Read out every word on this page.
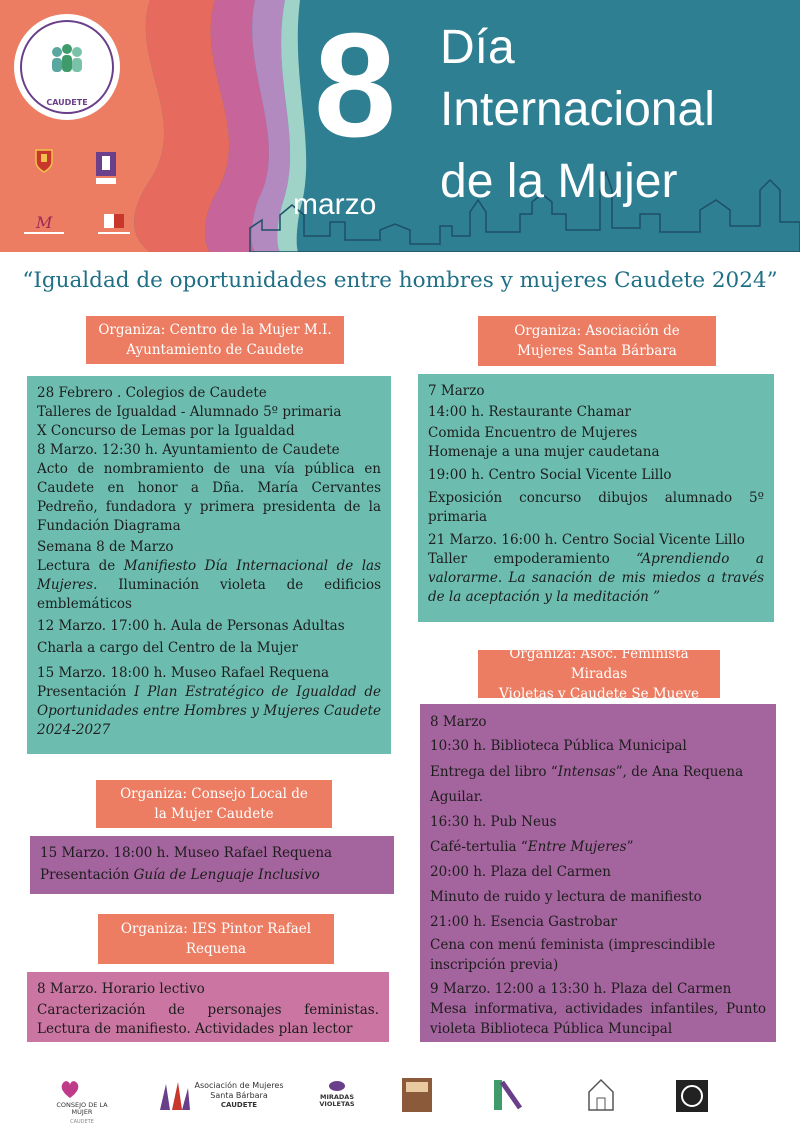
CAUDETE
M
8
marzo
Día
Internacional
de la Mujer
“Igualdad de oportunidades entre hombres y mujeres Caudete 2024”
Organiza: Centro de la Mujer M.I.
Ayuntamiento de Caudete
28 Febrero . Colegios de Caudete
Talleres de Igualdad - Alumnado 5º primaria
X Concurso de Lemas por la Igualdad
8 Marzo. 12:30 h. Ayuntamiento de Caudete
Acto de nombramiento de una vía pública en Caudete en honor a Dña. María Cervantes Pedreño, fundadora y primera presidenta de la Fundación Diagrama
Semana 8 de Marzo
Lectura de Manifiesto Día Internacional de las Mujeres. Iluminación violeta de edificios emblemáticos
12 Marzo. 17:00 h. Aula de Personas Adultas
Charla a cargo del Centro de la Mujer
15 Marzo. 18:00 h. Museo Rafael Requena
Presentación I Plan Estratégico de Igualdad de Oportunidades entre Hombres y Mujeres Caudete 2024-2027
Organiza: Consejo Local de
la Mujer Caudete
15 Marzo. 18:00 h. Museo Rafael Requena
Presentación Guía de Lenguaje Inclusivo
Organiza: IES Pintor Rafael
Requena
8 Marzo. Horario lectivo
Caracterización de personajes feministas. Lectura de manifiesto. Actividades plan lector
Organiza: Asociación de
Mujeres Santa Bárbara
7 Marzo
14:00 h. Restaurante Chamar
Comida Encuentro de Mujeres
Homenaje a una mujer caudetana
19:00 h. Centro Social Vicente Lillo
Exposición concurso dibujos alumnado 5º primaria
21 Marzo. 16:00 h. Centro Social Vicente Lillo
Taller empoderamiento “Aprendiendo a valorarme. La sanación de mis miedos a través de la aceptación y la meditación ”
Organiza: Asoc. Feminista Miradas
Violetas y Caudete Se Mueve
8 Marzo
10:30 h. Biblioteca Pública Municipal
Entrega del libro “Intensas”, de Ana Requena Aguilar.
16:30 h. Pub Neus
Café-tertulia “Entre Mujeres”
20:00 h. Plaza del Carmen
Minuto de ruido y lectura de manifiesto
21:00 h. Esencia Gastrobar
Cena con menú feminista (imprescindible inscripción previa)
9 Marzo. 12:00 a 13:30 h. Plaza del Carmen
Mesa informativa, actividades infantiles, Punto violeta Biblioteca Pública Muncipal
CONSEJO DE LA MUJER
Asociación de Mujeres
Santa Bárbara
CAUDETE
MIRADAS VIOLETAS
CAUDETE
